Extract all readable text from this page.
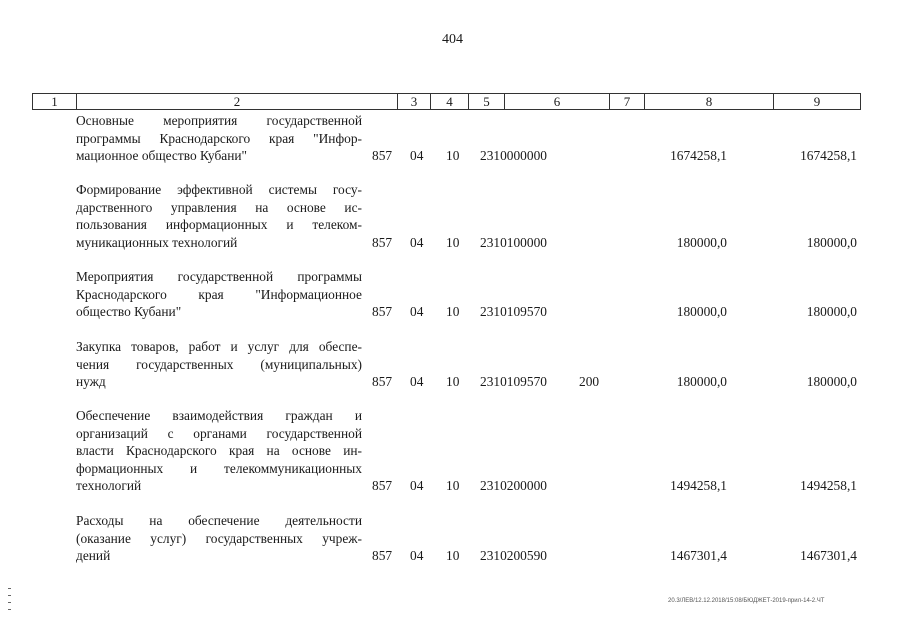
404
1	2	3	4	5	6	7	8	9
Основные мероприятия государственной
программы Краснодарского края "Инфор-
мационное общество Кубани"	857 04 10 2310000000	1674258,1	1674258,1
Формирование эффективной системы госу-
дарственного управления на основе ис-
пользования информационных и телеком-
муникационных технологий	857 04 10 2310100000	180000,0	180000,0
Мероприятия государственной программы
Краснодарского края "Информационное
общество Кубани"	857 04 10 2310109570	180000,0	180000,0
Закупка товаров, работ и услуг для обеспе-
чения государственных (муниципальных)
нужд	857 04 10 2310109570 200	180000,0	180000,0
Обеспечение взаимодействия граждан и
организаций с органами государственной
власти Краснодарского края на основе ин-
формационных и телекоммуникационных
технологий	857 04 10 2310200000	1494258,1	1494258,1
Расходы на обеспечение деятельности
(оказание услуг) государственных учреж-
дений	857 04 10 2310200590	1467301,4	1467301,4
20.3/ЛЕВ/12.12.2018/15:08/БЮДЖЕТ-2019-прил-14-2.ЧТ
